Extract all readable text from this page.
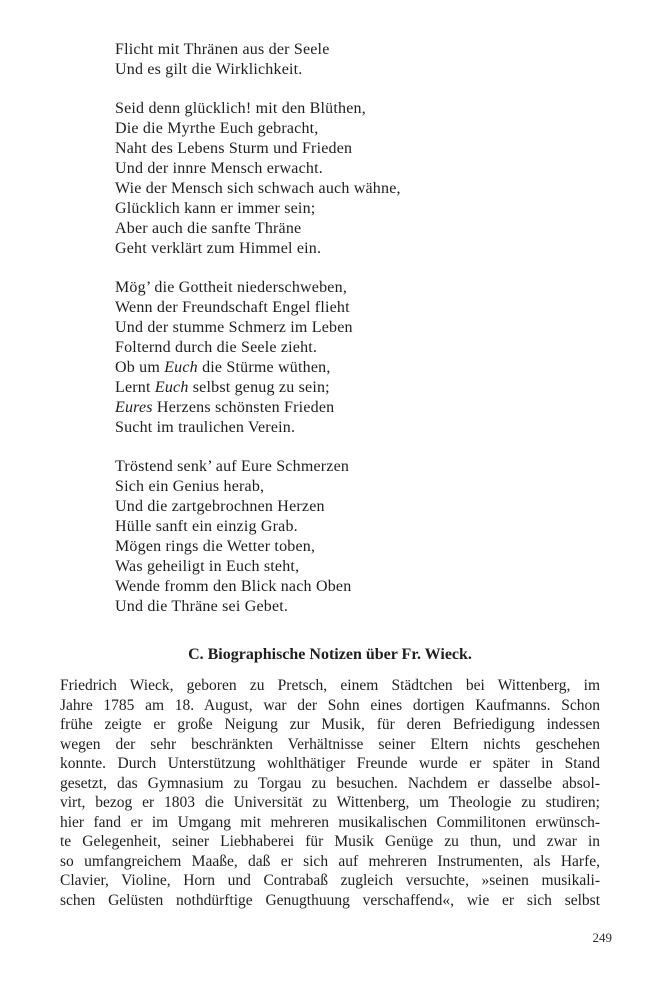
Flicht mit Thränen aus der Seele
Und es gilt die Wirklichkeit.
Seid denn glücklich! mit den Blüthen,
Die die Myrthe Euch gebracht,
Naht des Lebens Sturm und Frieden
Und der innre Mensch erwacht.
Wie der Mensch sich schwach auch wähne,
Glücklich kann er immer sein;
Aber auch die sanfte Thräne
Geht verklärt zum Himmel ein.
Mög’ die Gottheit niederschweben,
Wenn der Freundschaft Engel flieht
Und der stumme Schmerz im Leben
Folternd durch die Seele zieht.
Ob um Euch die Stürme wüthen,
Lernt Euch selbst genug zu sein;
Eures Herzens schönsten Frieden
Sucht im traulichen Verein.
Tröstend senk’ auf Eure Schmerzen
Sich ein Genius herab,
Und die zartgebrochnen Herzen
Hülle sanft ein einzig Grab.
Mögen rings die Wetter toben,
Was geheiligt in Euch steht,
Wende fromm den Blick nach Oben
Und die Thräne sei Gebet.
C. Biographische Notizen über Fr. Wieck.
Friedrich Wieck, geboren zu Pretsch, einem Städtchen bei Wittenberg, im
Jahre 1785 am 18. August, war der Sohn eines dortigen Kaufmanns. Schon
frühe zeigte er große Neigung zur Musik, für deren Befriedigung indessen
wegen der sehr beschränkten Verhältnisse seiner Eltern nichts geschehen
konnte. Durch Unterstützung wohlthätiger Freunde wurde er später in Stand
gesetzt, das Gymnasium zu Torgau zu besuchen. Nachdem er dasselbe absol-
virt, bezog er 1803 die Universität zu Wittenberg, um Theologie zu studiren;
hier fand er im Umgang mit mehreren musikalischen Commilitonen erwünsch-
te Gelegenheit, seiner Liebhaberei für Musik Genüge zu thun, und zwar in
so umfangreichem Maaße, daß er sich auf mehreren Instrumenten, als Harfe,
Clavier, Violine, Horn und Contrabaß zugleich versuchte, »seinen musikali-
schen Gelüsten nothdürftige Genugthuung verschaffend«, wie er sich selbst
249
